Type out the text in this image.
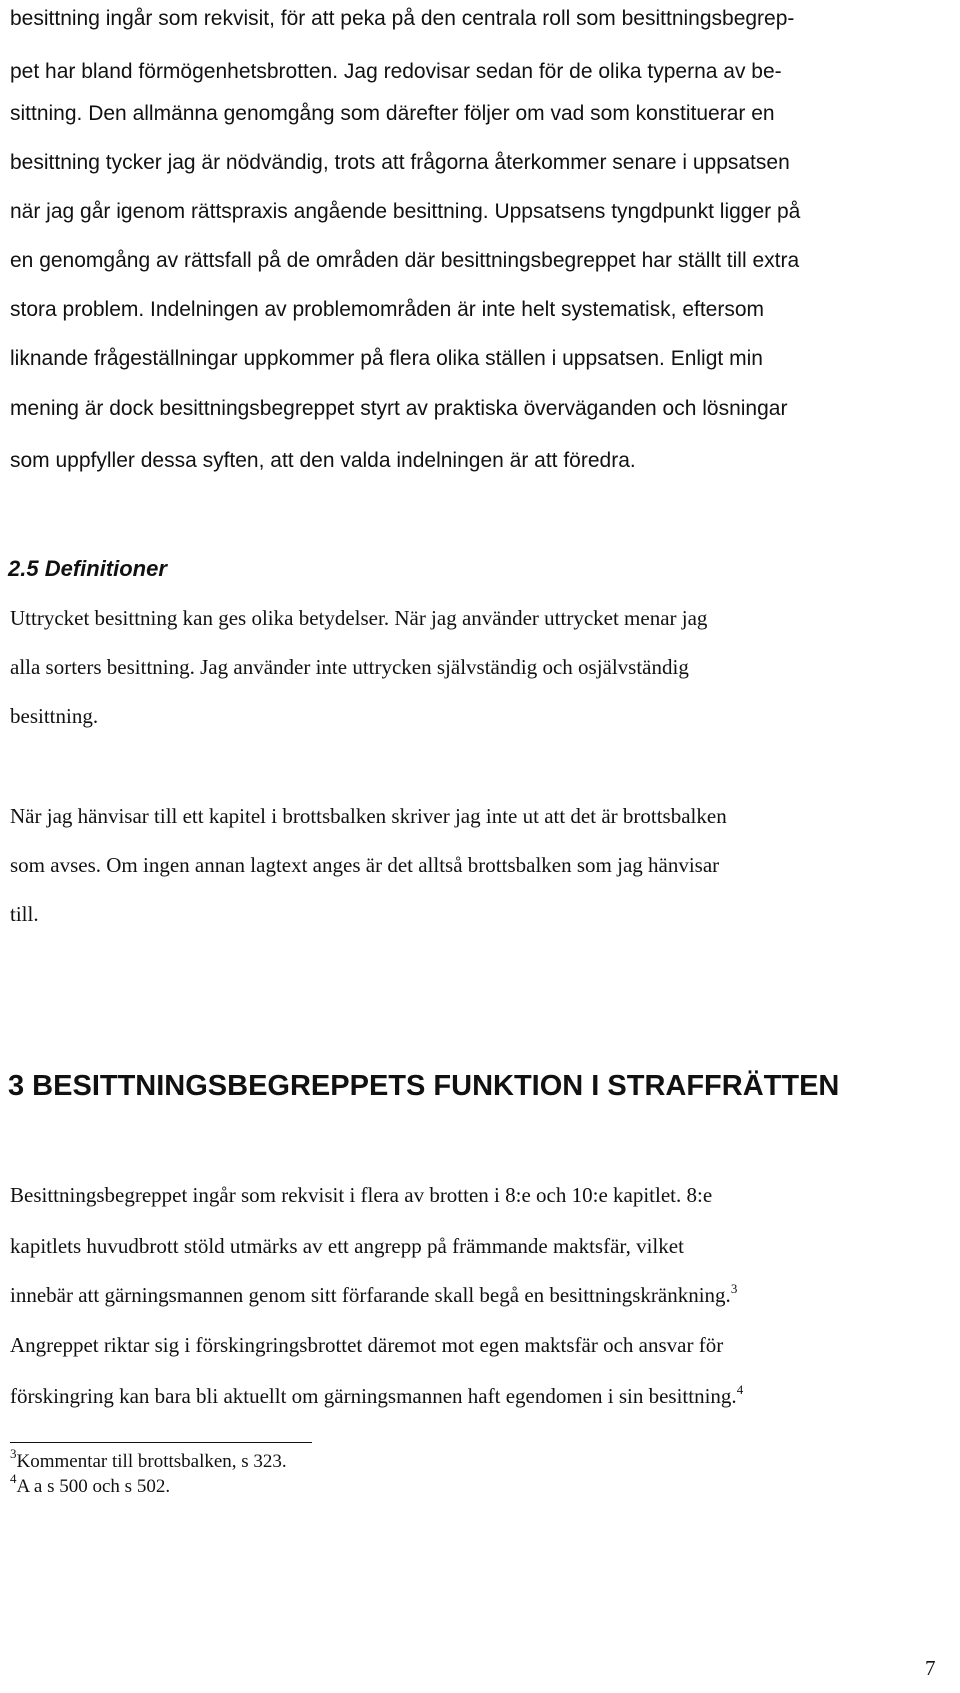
besittning ingår som rekvisit, för att peka på den centrala roll som besittningsbegrep-
pet har bland förmögenhetsbrotten. Jag redovisar sedan för de olika typerna av be-
sittning. Den allmänna genomgång som därefter följer om vad som konstituerar en
besittning tycker jag är nödvändig, trots att frågorna återkommer senare i uppsatsen
när jag går igenom rättspraxis angående besittning. Uppsatsens tyngdpunkt ligger på
en genomgång av rättsfall på de områden där besittningsbegreppet har ställt till extra
stora problem. Indelningen av problemområden är inte helt systematisk, eftersom
liknande frågeställningar uppkommer på flera olika ställen i uppsatsen. Enligt min
mening är dock besittningsbegreppet styrt av praktiska överväganden och lösningar
som uppfyller dessa syften, att den valda indelningen är att föredra.
2.5 Definitioner
Uttrycket besittning kan ges olika betydelser. När jag använder uttrycket menar jag
alla sorters besittning. Jag använder inte uttrycken självständig och osjälvständig
besittning.
När jag hänvisar till ett kapitel i brottsbalken skriver jag inte ut att det är brottsbalken
som avses. Om ingen annan lagtext anges är det alltså brottsbalken som jag hänvisar
till.
3 BESITTNINGSBEGREPPETS FUNKTION I STRAFFRÄTTEN
Besittningsbegreppet ingår som rekvisit i flera av brotten i 8:e och 10:e kapitlet. 8:e
kapitlets huvudbrott stöld utmärks av ett angrepp på främmande maktsfär, vilket
innebär att gärningsmannen genom sitt förfarande skall begå en besittningskränkning.$^3$
Angreppet riktar sig i förskingringsbrottet däremot mot egen maktsfär och ansvar för
förskingring kan bara bli aktuellt om gärningsmannen haft egendomen i sin besittning.$^4$
$^3$Kommentar till brottsbalken, s 323.
$^4$A a s 500 och s 502.
7
